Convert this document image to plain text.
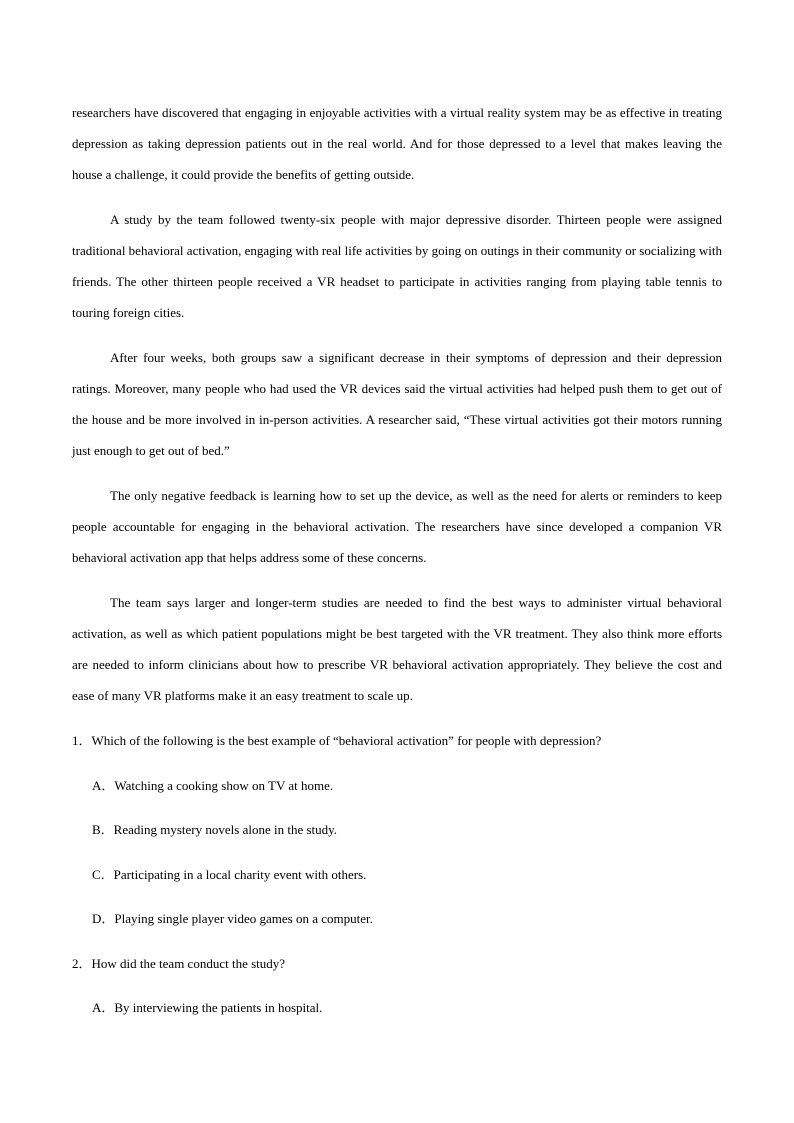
researchers have discovered that engaging in enjoyable activities with a virtual reality system may be as effective in treating depression as taking depression patients out in the real world. And for those depressed to a level that makes leaving the house a challenge, it could provide the benefits of getting outside.

A study by the team followed twenty-six people with major depressive disorder. Thirteen people were assigned traditional behavioral activation, engaging with real life activities by going on outings in their community or socializing with friends. The other thirteen people received a VR headset to participate in activities ranging from playing table tennis to touring foreign cities.

After four weeks, both groups saw a significant decrease in their symptoms of depression and their depression ratings. Moreover, many people who had used the VR devices said the virtual activities had helped push them to get out of the house and be more involved in in-person activities. A researcher said, “These virtual activities got their motors running just enough to get out of bed.”

The only negative feedback is learning how to set up the device, as well as the need for alerts or reminders to keep people accountable for engaging in the behavioral activation. The researchers have since developed a companion VR behavioral activation app that helps address some of these concerns.

The team says larger and longer-term studies are needed to find the best ways to administer virtual behavioral activation, as well as which patient populations might be best targeted with the VR treatment. They also think more efforts are needed to inform clinicians about how to prescribe VR behavioral activation appropriately. They believe the cost and ease of many VR platforms make it an easy treatment to scale up.

1． Which of the following is the best example of “behavioral activation” for people with depression?
A． Watching a cooking show on TV at home.
B． Reading mystery novels alone in the study.
C． Participating in a local charity event with others.
D． Playing single player video games on a computer.
2． How did the team conduct the study?
A． By interviewing the patients in hospital.
